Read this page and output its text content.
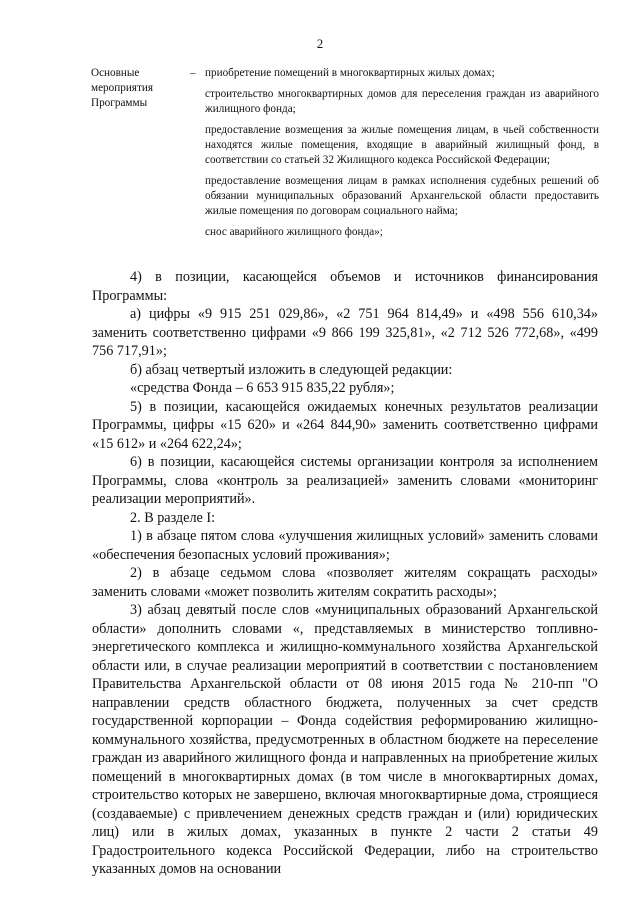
2
Основные мероприятия Программы
– приобретение помещений в многоквартирных жилых домах;

строительство многоквартирных домов для переселения граждан из аварийного жилищного фонда;

предоставление возмещения за жилые помещения лицам, в чьей собственности находятся жилые помещения, входящие в аварийный жилищный фонд, в соответствии со статьей 32 Жилищного кодекса Российской Федерации;

предоставление возмещения лицам в рамках исполнения судебных решений об обязании муниципальных образований Архангельской области предоставить жилые помещения по договорам социального найма;

снос аварийного жилищного фонда»;

4) в позиции, касающейся объемов и источников финансирования Программы:

а) цифры «9 915 251 029,86», «2 751 964 814,49» и «498 556 610,34» заменить соответственно цифрами «9 866 199 325,81», «2 712 526 772,68», «499 756 717,91»;

б) абзац четвертый изложить в следующей редакции:

«средства Фонда – 6 653 915 835,22 рубля»;

5) в позиции, касающейся ожидаемых конечных результатов реализации Программы, цифры «15 620» и «264 844,90» заменить соответственно цифрами «15 612» и «264 622,24»;

6) в позиции, касающейся системы организации контроля за исполнением Программы, слова «контроль за реализацией» заменить словами «мониторинг реализации мероприятий».

2. В разделе I:

1) в абзаце пятом слова «улучшения жилищных условий» заменить словами «обеспечения безопасных условий проживания»;

2) в абзаце седьмом слова «позволяет жителям сокращать расходы» заменить словами «может позволить жителям сократить расходы»;

3) абзац девятый после слов «муниципальных образований Архангельской области» дополнить словами «, представляемых в министерство топливно-энергетического комплекса и жилищно-коммунального хозяйства Архангельской области или, в случае реализации мероприятий в соответствии с постановлением Правительства Архангельской области от 08 июня 2015 года № 210-пп "О направлении средств областного бюджета, полученных за счет средств государственной корпорации – Фонда содействия реформированию жилищно-коммунального хозяйства, предусмотренных в областном бюджете на переселение граждан из аварийного жилищного фонда и направленных на приобретение жилых помещений в многоквартирных домах (в том числе в многоквартирных домах, строительство которых не завершено, включая многоквартирные дома, строящиеся (создаваемые) с привлечением денежных средств граждан и (или) юридических лиц) или в жилых домах, указанных в пункте 2 части 2 статьи 49 Градостроительного кодекса Российской Федерации, либо на строительство указанных домов на основании
